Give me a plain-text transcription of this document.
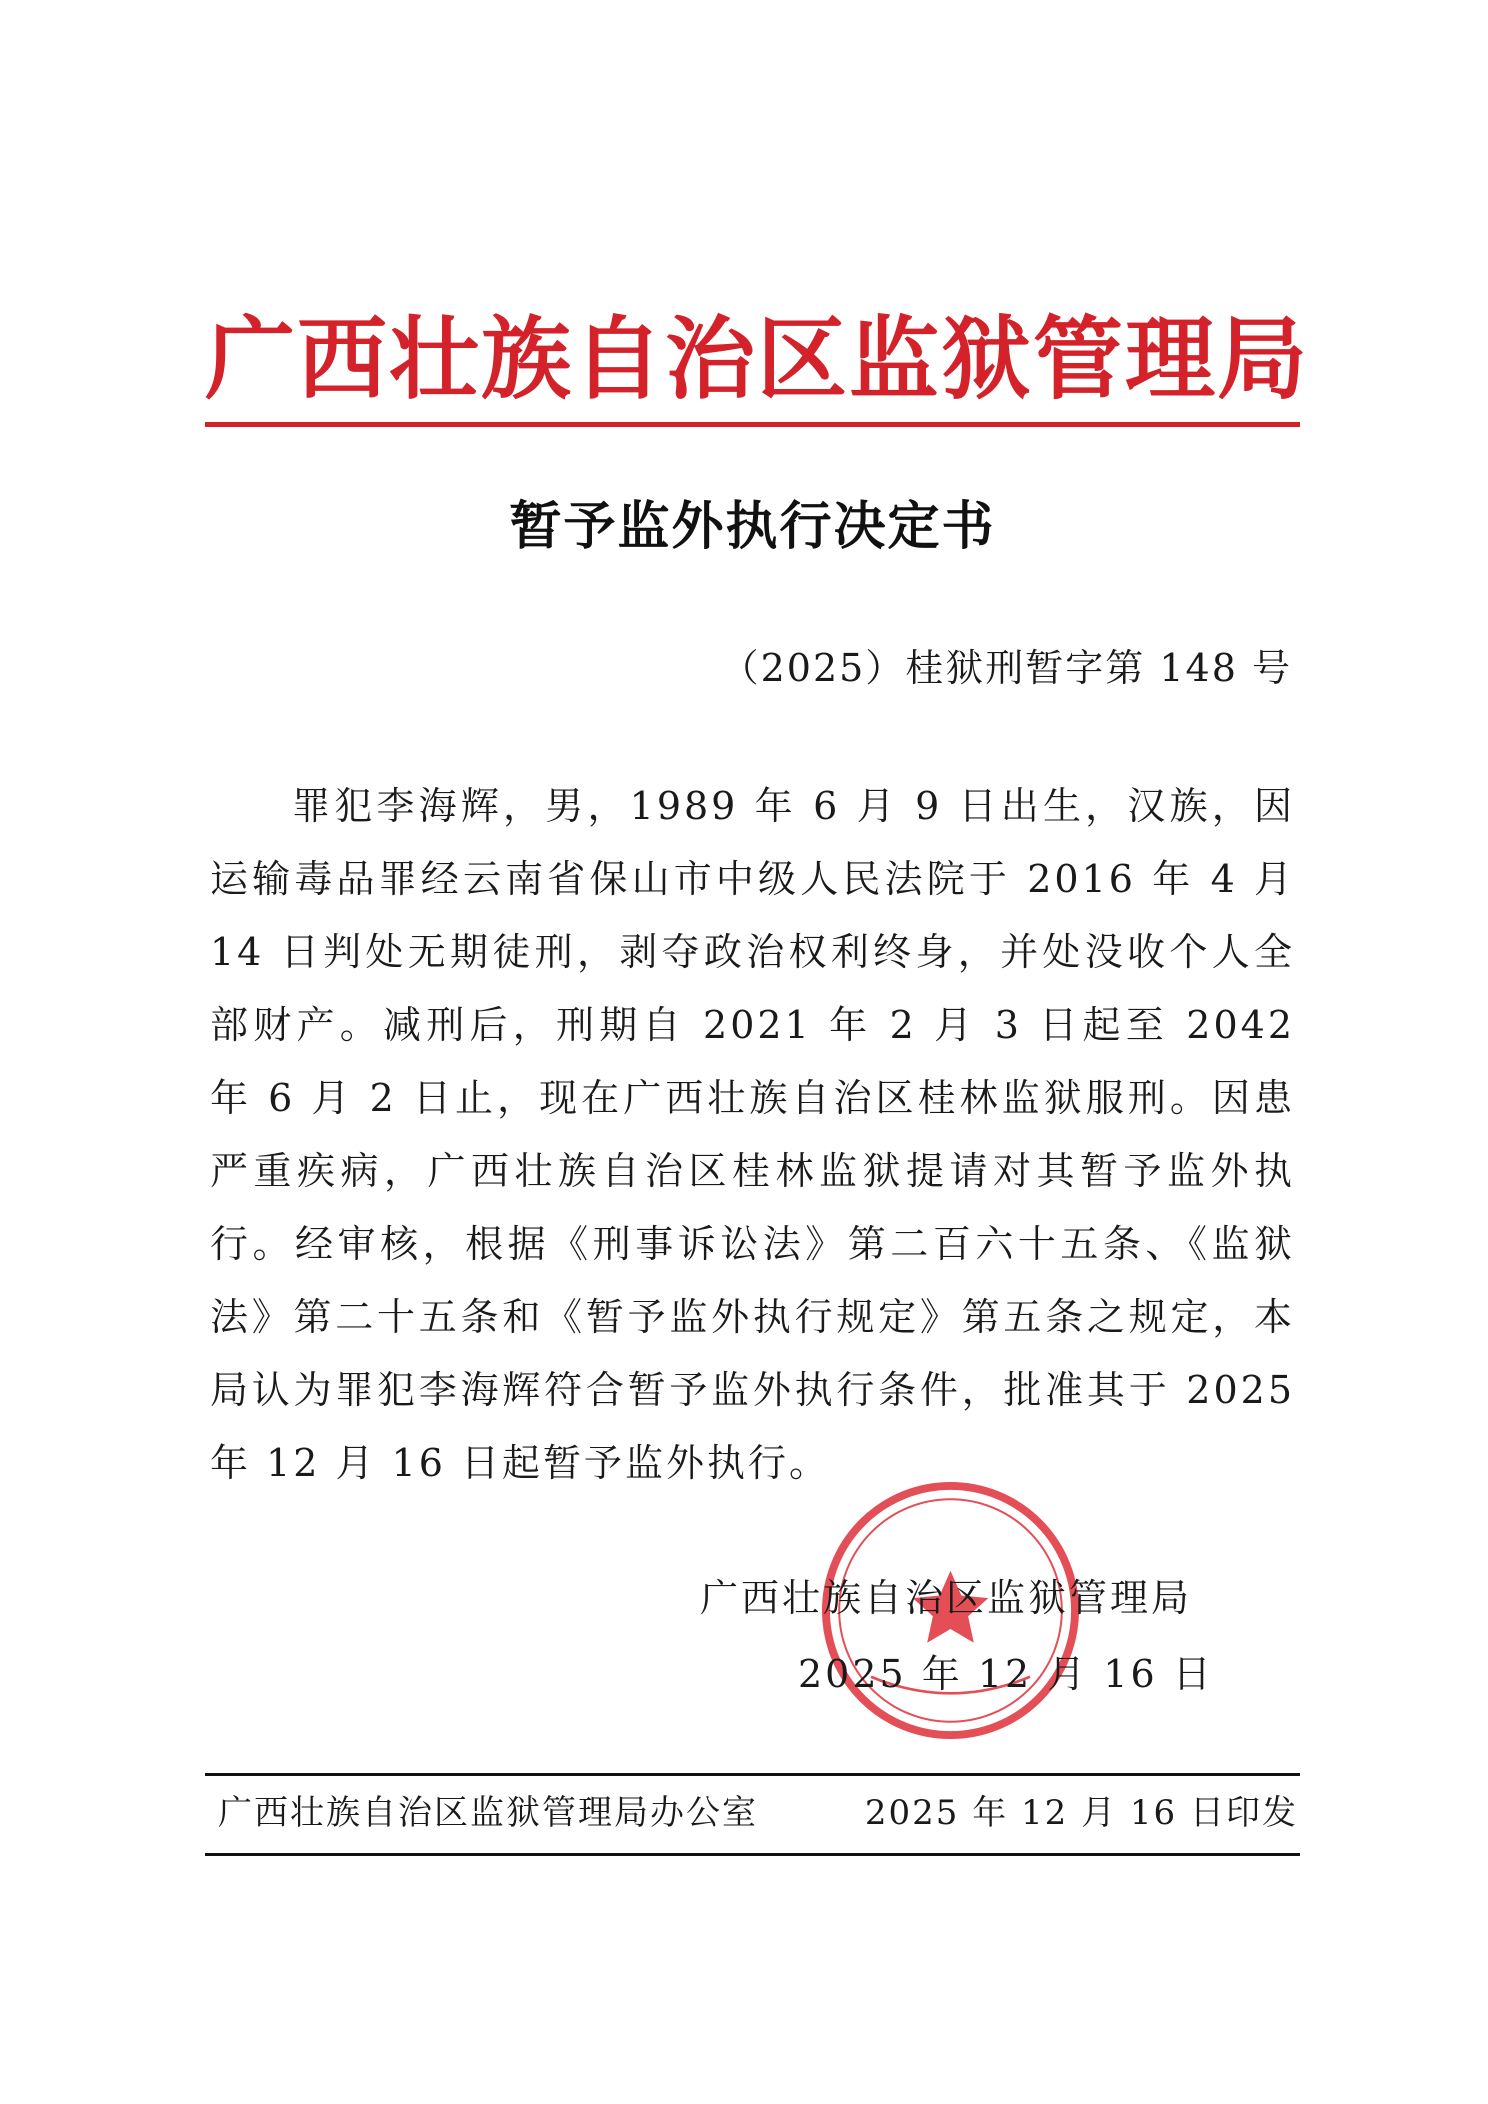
广西壮族自治区监狱管理局
暂予监外执行决定书
（2025）桂狱刑暂字第 148 号
罪犯李海辉，男，1989 年 6 月 9 日出生，汉族，因运输毒品罪经云南省保山市中级人民法院于 2016 年 4 月 14 日判处无期徒刑，剥夺政治权利终身，并处没收个人全部财产。减刑后，刑期自 2021 年 2 月 3 日起至 2042 年 6 月 2 日止，现在广西壮族自治区桂林监狱服刑。因患严重疾病，广西壮族自治区桂林监狱提请对其暂予监外执行。经审核，根据《刑事诉讼法》第二百六十五条、《监狱法》第二十五条和《暂予监外执行规定》第五条之规定，本局认为罪犯李海辉符合暂予监外执行条件，批准其于 2025 年 12 月 16 日起暂予监外执行。
广西壮族自治区监狱管理局
2025 年 12 月 16 日
广西壮族自治区监狱管理局办公室	2025 年 12 月 16 日印发
